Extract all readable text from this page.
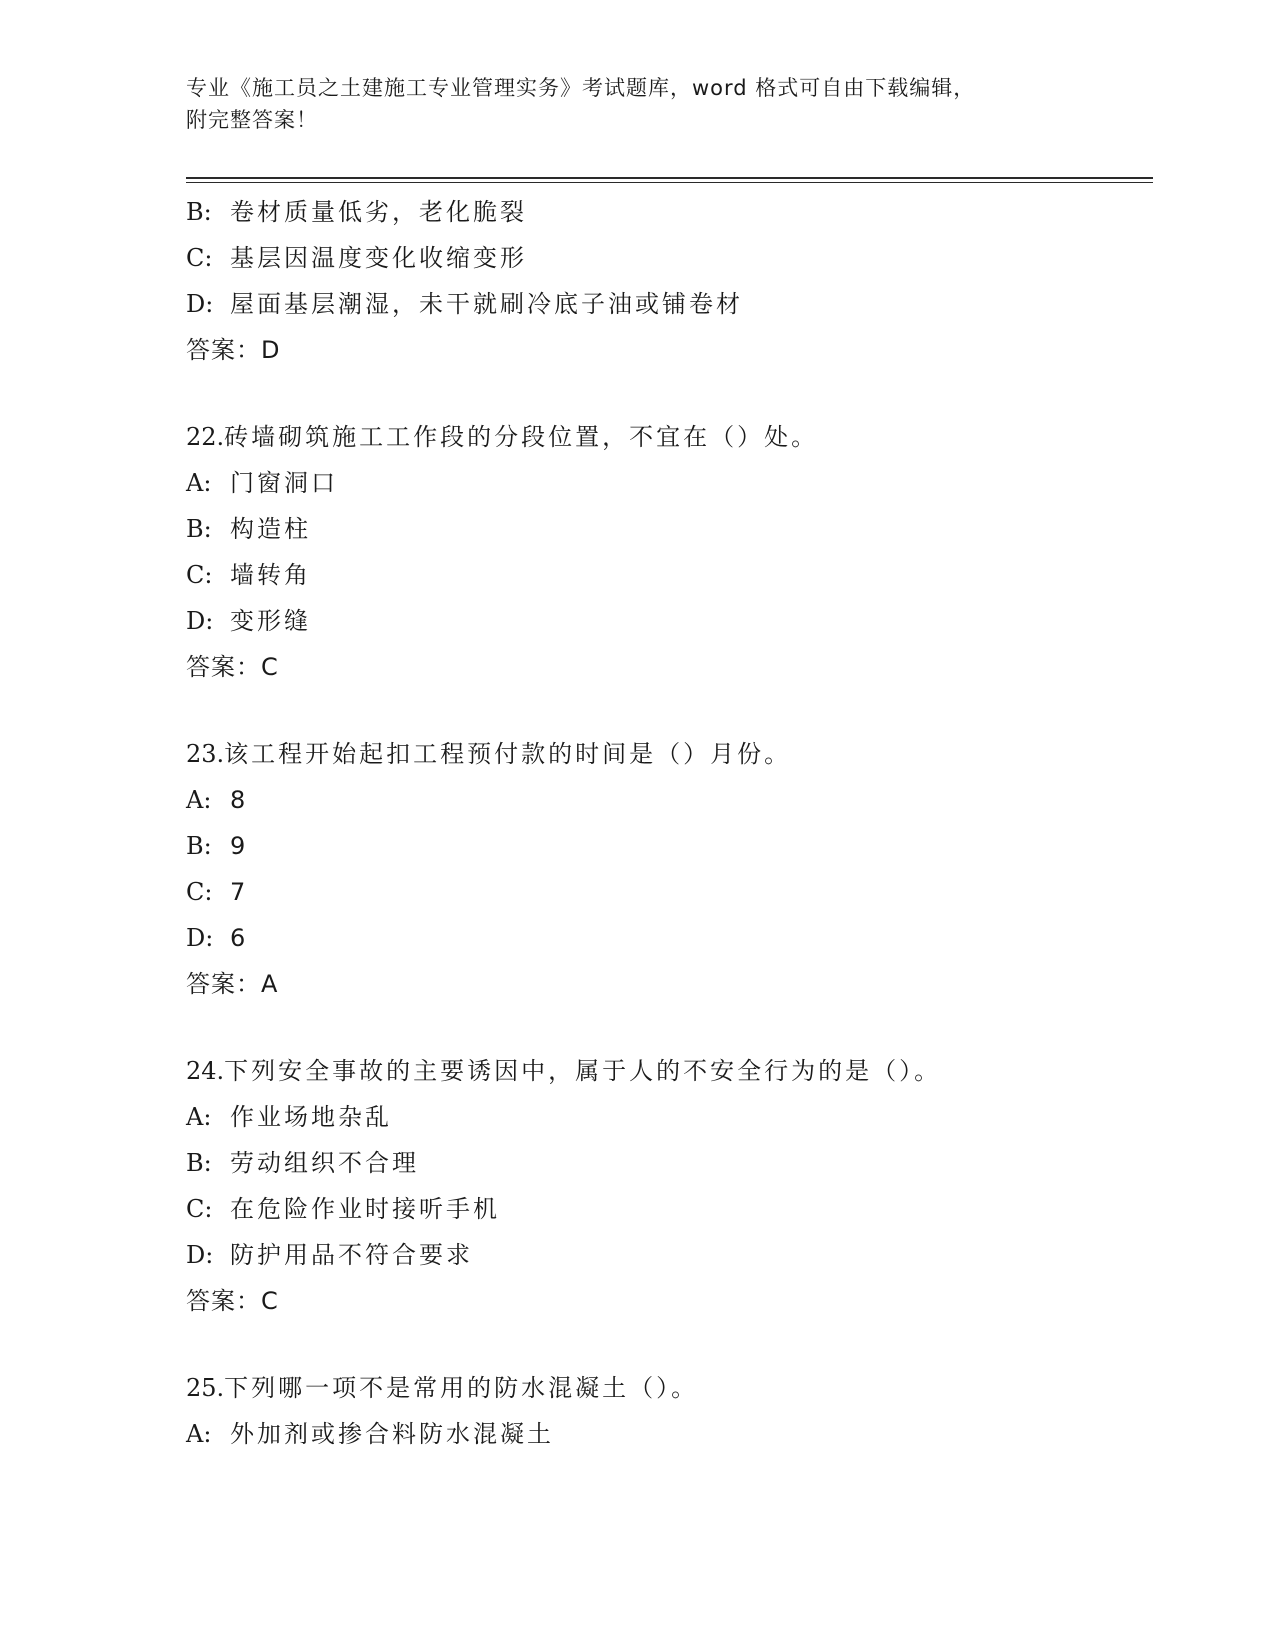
专业《施工员之土建施工专业管理实务》考试题库，word 格式可自由下载编辑，
附完整答案！
B: 卷材质量低劣，老化脆裂
C: 基层因温度变化收缩变形
D: 屋面基层潮湿，未干就刷冷底子油或铺卷材
答案：D
22.砖墙砌筑施工工作段的分段位置，不宜在（）处。
A: 门窗洞口
B: 构造柱
C: 墙转角
D: 变形缝
答案：C
23.该工程开始起扣工程预付款的时间是（）月份。
A: 8
B: 9
C: 7
D: 6
答案：A
24.下列安全事故的主要诱因中，属于人的不安全行为的是（）。
A: 作业场地杂乱
B: 劳动组织不合理
C: 在危险作业时接听手机
D: 防护用品不符合要求
答案：C
25.下列哪一项不是常用的防水混凝土（）。
A: 外加剂或掺合料防水混凝土
